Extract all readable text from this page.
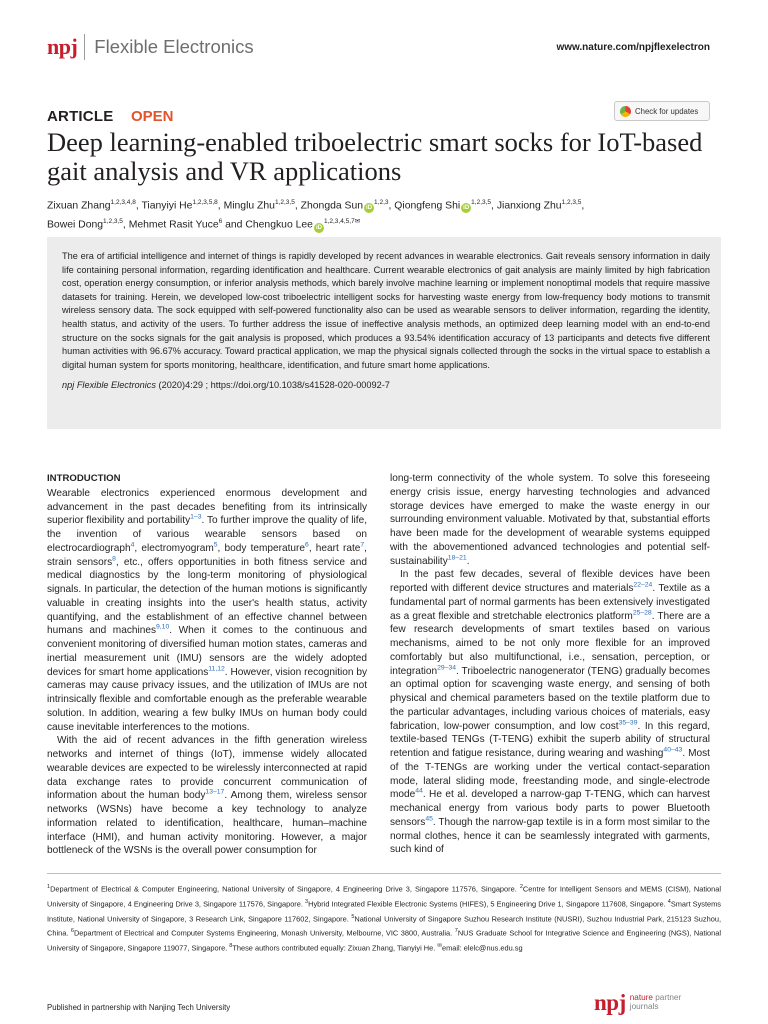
npj Flexible Electronics	www.nature.com/npjflexelectron
ARTICLE OPEN	Check for updates
Deep learning-enabled triboelectric smart socks for IoT-based gait analysis and VR applications
Zixuan Zhang$^{1,2,3,4,8}$, Tianyiyi He$^{1,2,3,5,8}$, Minglu Zhu$^{1,2,3,5}$, Zhongda Sun iD$^{1,2,3}$, Qiongfeng Shi iD$^{1,2,3,5}$, Jianxiong Zhu$^{1,2,3,5}$,
Bowei Dong$^{1,2,3,5}$, Mehmet Rasit Yuce$^6$ and Chengkuo Lee $iD^{1,2,3,4,5,7✉}$

The era of artificial intelligence and internet of things is rapidly developed by recent advances in wearable electronics. Gait reveals sensory information in daily life containing personal information, regarding identification and healthcare. Current wearable electronics of gait analysis are mainly limited by high fabrication cost, operation energy consumption, or inferior analysis methods, which barely involve machine learning or implement nonoptimal models that require massive datasets for training. Herein, we developed low-cost triboelectric intelligent socks for harvesting waste energy from low-frequency body motions to transmit wireless sensory data. The sock equipped with self-powered functionality also can be used as wearable sensors to deliver information, regarding the identity, health status, and activity of the users. To further address the issue of ineffective analysis methods, an optimized deep learning model with an end-to-end structure on the socks signals for the gait analysis is proposed, which produces a 93.54% identification accuracy of 13 participants and detects five different human activities with 96.67% accuracy. Toward practical application, we map the physical signals collected through the socks in the virtual space to establish a digital human system for sports monitoring, healthcare, identification, and future smart home applications.

npj Flexible Electronics (2020)4:29 ; https://doi.org/10.1038/s41528-020-00092-7

INTRODUCTION

Wearable electronics experienced enormous development and advancement in the past decades benefiting from its intrinsically superior flexibility and portability$^{1-3}$. To further improve the quality of life, the invention of various wearable sensors based on electrocardiograph$^4$, electromyogram$^5$, body temperature$^6$, heart rate$^7$, strain sensors$^8$, etc., offers opportunities in both fitness service and medical diagnostics by the long-term monitoring of physiological signals. In particular, the detection of the human motions is significantly valuable in creating insights into the user's health status, activity quantifying, and the establishment of an effective channel between humans and machines$^{9,10}$. When it comes to the continuous and convenient monitoring of diversified human motion states, cameras and inertial measurement unit (IMU) sensors are the widely adopted devices for smart home applications$^{11,12}$. However, vision recognition by cameras may cause privacy issues, and the utilization of IMUs are not intrinsically flexible and comfortable enough as the preferable wearable solution. In addition, wearing a few bulky IMUs on human body could cause inevitable interferences to the motions.

With the aid of recent advances in the fifth generation wireless networks and internet of things (IoT), immense widely allocated wearable devices are expected to be wirelessly interconnected at rapid data exchange rates to provide concurrent communication of information about the human body$^{13-17}$. Among them, wireless sensor networks (WSNs) have become a key technology to analyze information related to identification, healthcare, human–machine interface (HMI), and human activity monitoring. However, a major bottleneck of the WSNs is the overall power consumption for

long-term connectivity of the whole system. To solve this foreseeing energy crisis issue, energy harvesting technologies and advanced storage devices have emerged to make the waste energy in our surrounding environment valuable. Motivated by that, substantial efforts have been made for the development of wearable systems equipped with the abovementioned advanced technologies and potential self-sustainability$^{18-21}$.

In the past few decades, several of flexible devices have been reported with different device structures and materials$^{22-24}$. Textile as a fundamental part of normal garments has been extensively investigated as a great flexible and stretchable electronics platform$^{25-28}$. There are a few research developments of smart textiles based on various mechanisms, aimed to be not only more flexible for an improved comfortably but also multifunctional, i.e., sensation, perception, or integration$^{29-34}$. Triboelectric nanogenerator (TENG) gradually becomes an optimal option for scavenging waste energy, and sensing of both physical and chemical parameters based on the textile platform due to the particular advantages, including various choices of materials, easy fabrication, low-power consumption, and low cost$^{35-39}$. In this regard, textile-based TENGs (T-TENG) exhibit the superb ability of structural retention and fatigue resistance, during wearing and washing$^{40-43}$. Most of the T-TENGs are working under the vertical contact-separation mode, lateral sliding mode, freestanding mode, and single-electrode mode$^{44}$. He et al. developed a narrow-gap T-TENG, which can harvest mechanical energy from various body parts to power Bluetooth sensors$^{45}$. Though the narrow-gap textile is in a form most similar to the normal clothes, hence it can be seamlessly integrated with garments, such kind of

$^1$Department of Electrical & Computer Engineering, National University of Singapore, 4 Engineering Drive 3, Singapore 117576, Singapore. $^2$Centre for Intelligent Sensors and MEMS (CISM), National University of Singapore, 4 Engineering Drive 3, Singapore 117576, Singapore. $^3$Hybrid Integrated Flexible Electronic Systems (HIFES), 5 Engineering Drive 1, Singapore 117608, Singapore. $^4$Smart Systems Institute, National University of Singapore, 3 Research Link, Singapore 117602, Singapore. $^5$National University of Singapore Suzhou Research Institute (NUSRI), Suzhou Industrial Park, 215123 Suzhou, China. $^6$Department of Electrical and Computer Systems Engineering, Monash University, Melbourne, VIC 3800, Australia. $^7$NUS Graduate School for Integrative Science and Engineering (NGS), National University of Singapore, Singapore 119077, Singapore. $^8$These authors contributed equally: Zixuan Zhang, Tianyiyi He. ✉email: elelc@nus.edu.sg

Published in partnership with Nanjing Tech University	npj nature partner
journals
